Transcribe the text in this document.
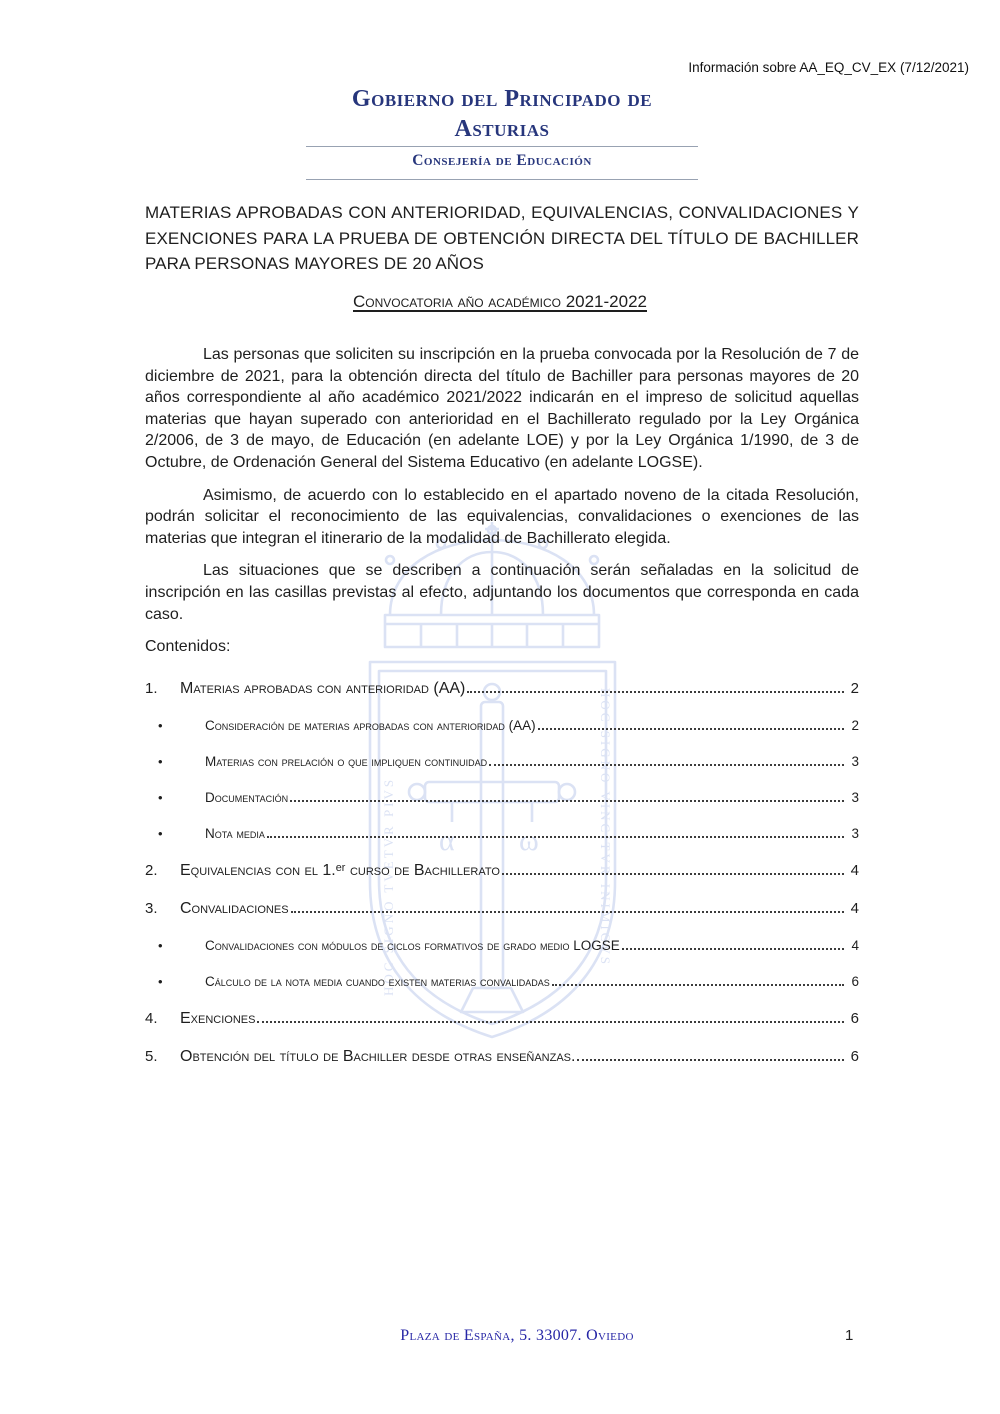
α ω
HOC SIGNO TVETVR PIVS	HOC SIGNO VINCITVR INIMICVS
Información sobre AA_EQ_CV_EX (7/12/2021)
Gobierno del Principado de Asturias
Consejería de Educación
MATERIAS APROBADAS CON ANTERIORIDAD, EQUIVALENCIAS, CONVALIDACIONES Y EXENCIONES PARA LA PRUEBA DE OBTENCIÓN DIRECTA DEL TÍTULO DE BACHILLER PARA PERSONAS MAYORES DE 20 AÑOS
Convocatoria año académico 2021-2022

Las personas que soliciten su inscripción en la prueba convocada por la Resolución de 7 de diciembre de 2021, para la obtención directa del título de Bachiller para personas mayores de 20 años correspondiente al año académico 2021/2022 indicarán en el impreso de solicitud aquellas materias que hayan superado con anterioridad en el Bachillerato regulado por la Ley Orgánica 2/2006, de 3 de mayo, de Educación (en adelante LOE) y por la Ley Orgánica 1/1990, de 3 de Octubre, de Ordenación General del Sistema Educativo (en adelante LOGSE).

Asimismo, de acuerdo con lo establecido en el apartado noveno de la citada Resolución, podrán solicitar el reconocimiento de las equivalencias, convalidaciones o exenciones de las materias que integran el itinerario de la modalidad de Bachillerato elegida.

Las situaciones que se describen a continuación serán señaladas en la solicitud de inscripción en las casillas previstas al efecto, adjuntando los documentos que corresponda en cada caso.

Contenidos:
1.	Materias aprobadas con anterioridad (AA)	2
•	Consideración de materias aprobadas con anterioridad (AA)	2
•	Materias con prelación o que impliquen continuidad	3
•	Documentación	3
•	Nota media	3
2.	Equivalencias con el 1.ᵉʳ curso de Bachillerato	4
3.	Convalidaciones	4
•	Convalidaciones con módulos de ciclos formativos de grado medio LOGSE	4
•	Cálculo de la nota media cuando existen materias convalidadas	6
4.	Exenciones	6
5.	Obtención del título de Bachiller desde otras enseñanzas.	6
Plaza de España, 5. 33007. Oviedo	1
